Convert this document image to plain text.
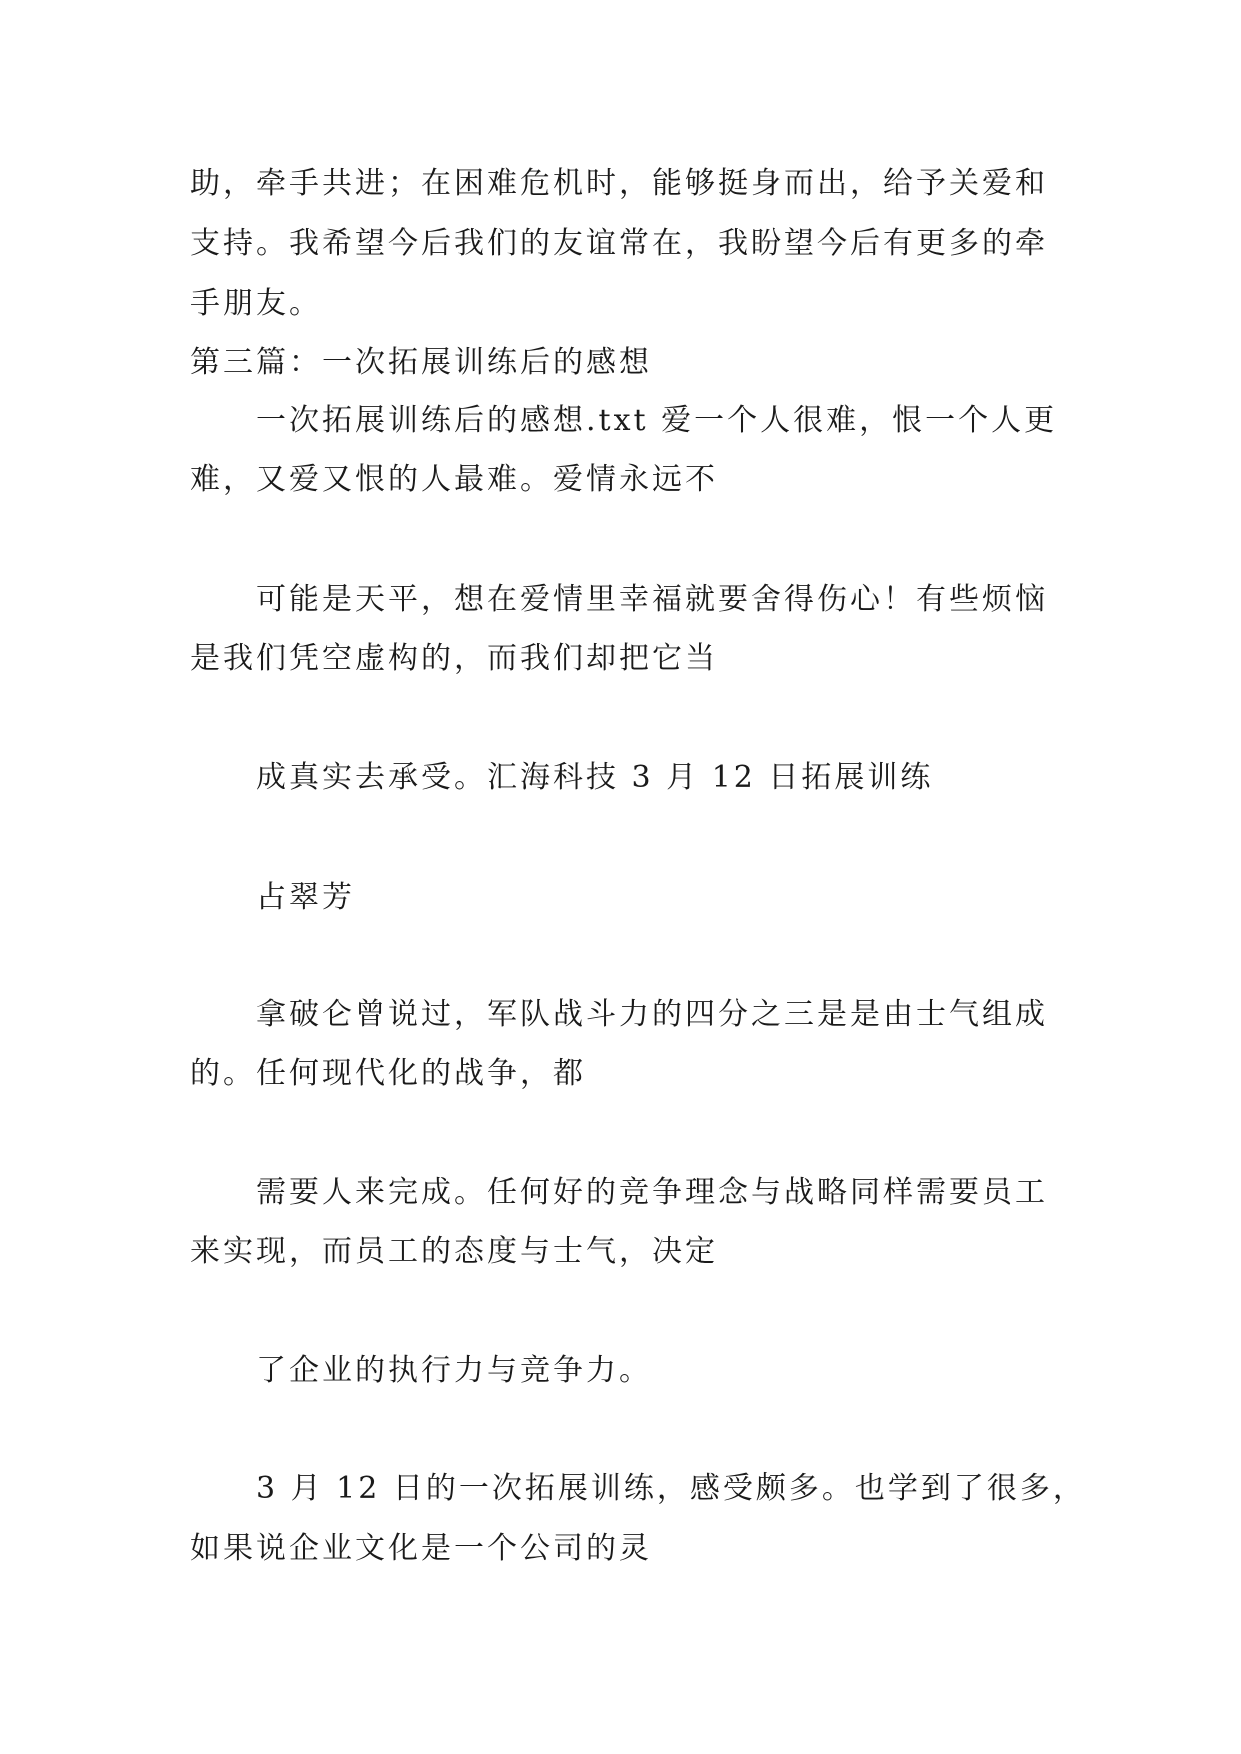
助，牵手共进；在困难危机时，能够挺身而出，给予关爱和
支持。我希望今后我们的友谊常在，我盼望今后有更多的牵
手朋友。
第三篇：一次拓展训练后的感想
一次拓展训练后的感想.txt 爱一个人很难，恨一个人更
难，又爱又恨的人最难。爱情永远不
可能是天平，想在爱情里幸福就要舍得伤心！有些烦恼
是我们凭空虚构的，而我们却把它当
成真实去承受。汇海科技 3 月 12 日拓展训练
占翠芳
拿破仑曾说过，军队战斗力的四分之三是是由士气组成
的。任何现代化的战争，都
需要人来完成。任何好的竞争理念与战略同样需要员工
来实现，而员工的态度与士气，决定
了企业的执行力与竞争力。
3 月 12 日的一次拓展训练，感受颇多。也学到了很多，
如果说企业文化是一个公司的灵
